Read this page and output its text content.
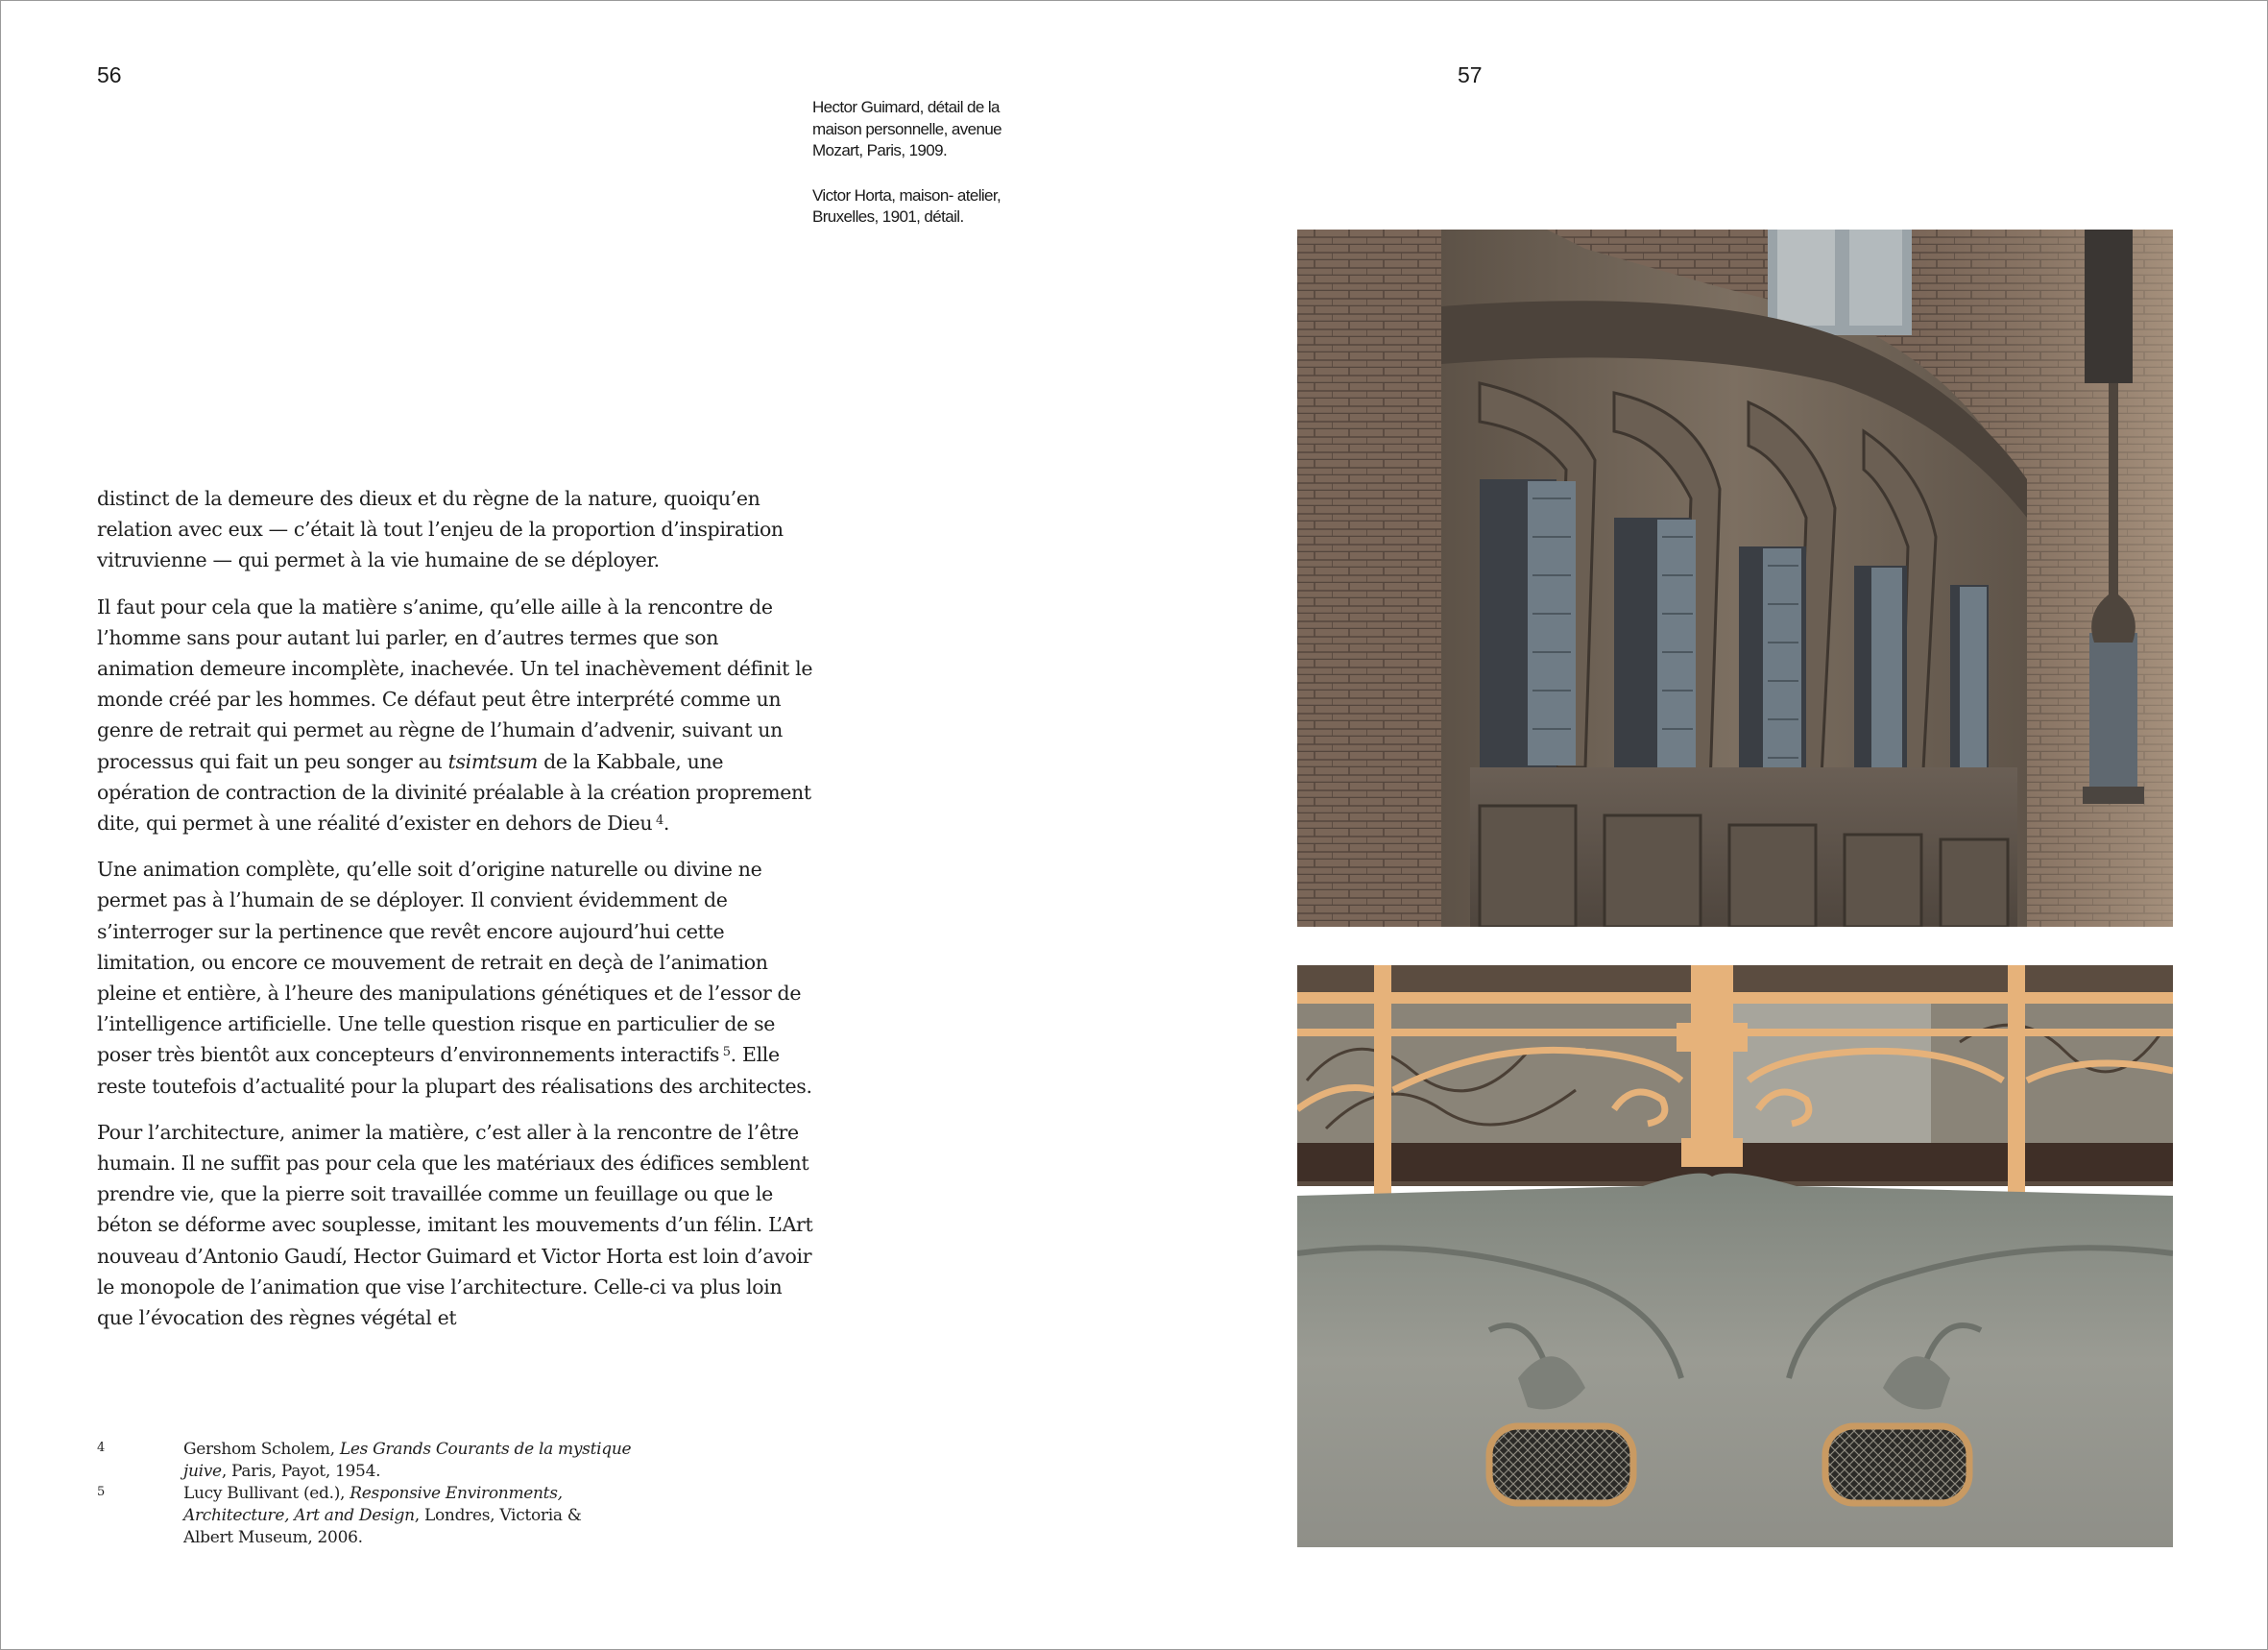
56	57

Hector Guimard, détail de la maison personnelle, avenue Mozart, Paris, 1909.

Victor Horta, maison- atelier, Bruxelles, 1901, détail.

distinct de la demeure des dieux et du règne de la nature, quoiqu’en relation avec eux — c’était là tout l’enjeu de la proportion d’inspiration vitruvienne — qui permet à la vie humaine de se déployer.

Il faut pour cela que la matière s’anime, qu’elle aille à la rencontre de l’homme sans pour autant lui parler, en d’autres termes que son animation demeure incomplète, inachevée. Un tel inachèvement définit le monde créé par les hommes. Ce défaut peut être interprété comme un genre de retrait qui permet au règne de l’humain d’advenir, suivant un processus qui fait un peu songer au tsimtsum de la Kabbale, une opération de contraction de la divinité préalable à la création proprement dite, qui permet à une réalité d’exister en dehors de Dieu  $^4$.

Une animation complète, qu’elle soit d’origine naturelle ou divine ne permet pas à l’humain de se déployer. Il convient évidemment de s’interroger sur la pertinence que revêt encore aujourd’hui cette limitation, ou encore ce mouvement de retrait en deçà de l’animation pleine et entière, à l’heure des manipulations génétiques et de l’essor de l’intelligence artificielle. Une telle question risque en particulier de se poser très bientôt aux concepteurs d’environnements interactifs  $^5$. Elle reste toutefois d’actualité pour la plupart des réalisations des architectes.

Pour l’architecture, animer la matière, c’est aller à la rencontre de l’être humain. Il ne suffit pas pour cela que les matériaux des édifices semblent prendre vie, que la pierre soit travaillée comme un feuillage ou que le béton se déforme avec souplesse, imitant les mouvements d’un félin. L’Art nouveau d’Antonio Gaudí, Hector Guimard et Victor Horta est loin d’avoir le monopole de l’animation que vise l’architecture. Celle-ci va plus loin que l’évocation des règnes végétal et

4	Gershom Scholem, Les Grands Courants de la mystique juive, Paris, Payot, 1954.
5	Lucy Bullivant (ed.), Responsive Environments, Architecture, Art and Design, Londres, Victoria & Albert Museum, 2006.
